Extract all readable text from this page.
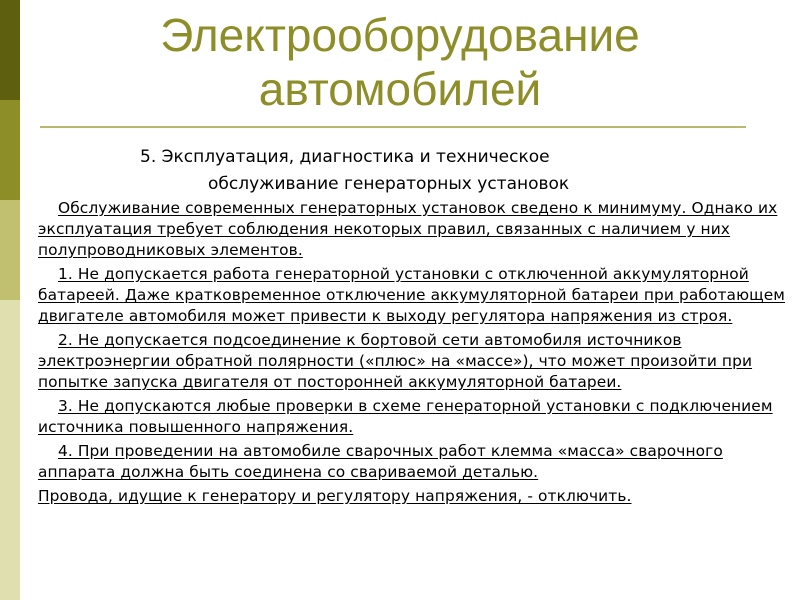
Электрооборудование
автомобилей
5. Эксплуатация, диагностика и техническое
обслуживание генераторных установок

Обслуживание современных генераторных установок сведено к минимуму. Однако их эксплуатация требует соблюдения некоторых правил, связанных с наличием у них полупроводниковых элементов.

1. Не допускается работа генераторной установки с отключенной аккумуляторной батареей. Даже кратковременное отключение аккумуляторной батареи при работающем двигателе автомобиля может привести к выходу регулятора напряжения из строя.

2. Не допускается подсоединение к бортовой сети автомобиля источников электроэнергии обратной полярности («плюс» на «массе»), что может произойти при попытке запуска двигателя от посторонней аккумуляторной батареи.

3. Не допускаются любые проверки в схеме генераторной установки с подключением источника повышенного напряжения.

4. При проведении на автомобиле сварочных работ клемма «масса» сварочного аппарата должна быть соединена со свариваемой деталью.

Провода, идущие к генератору и регулятору напряжения, - отключить.
